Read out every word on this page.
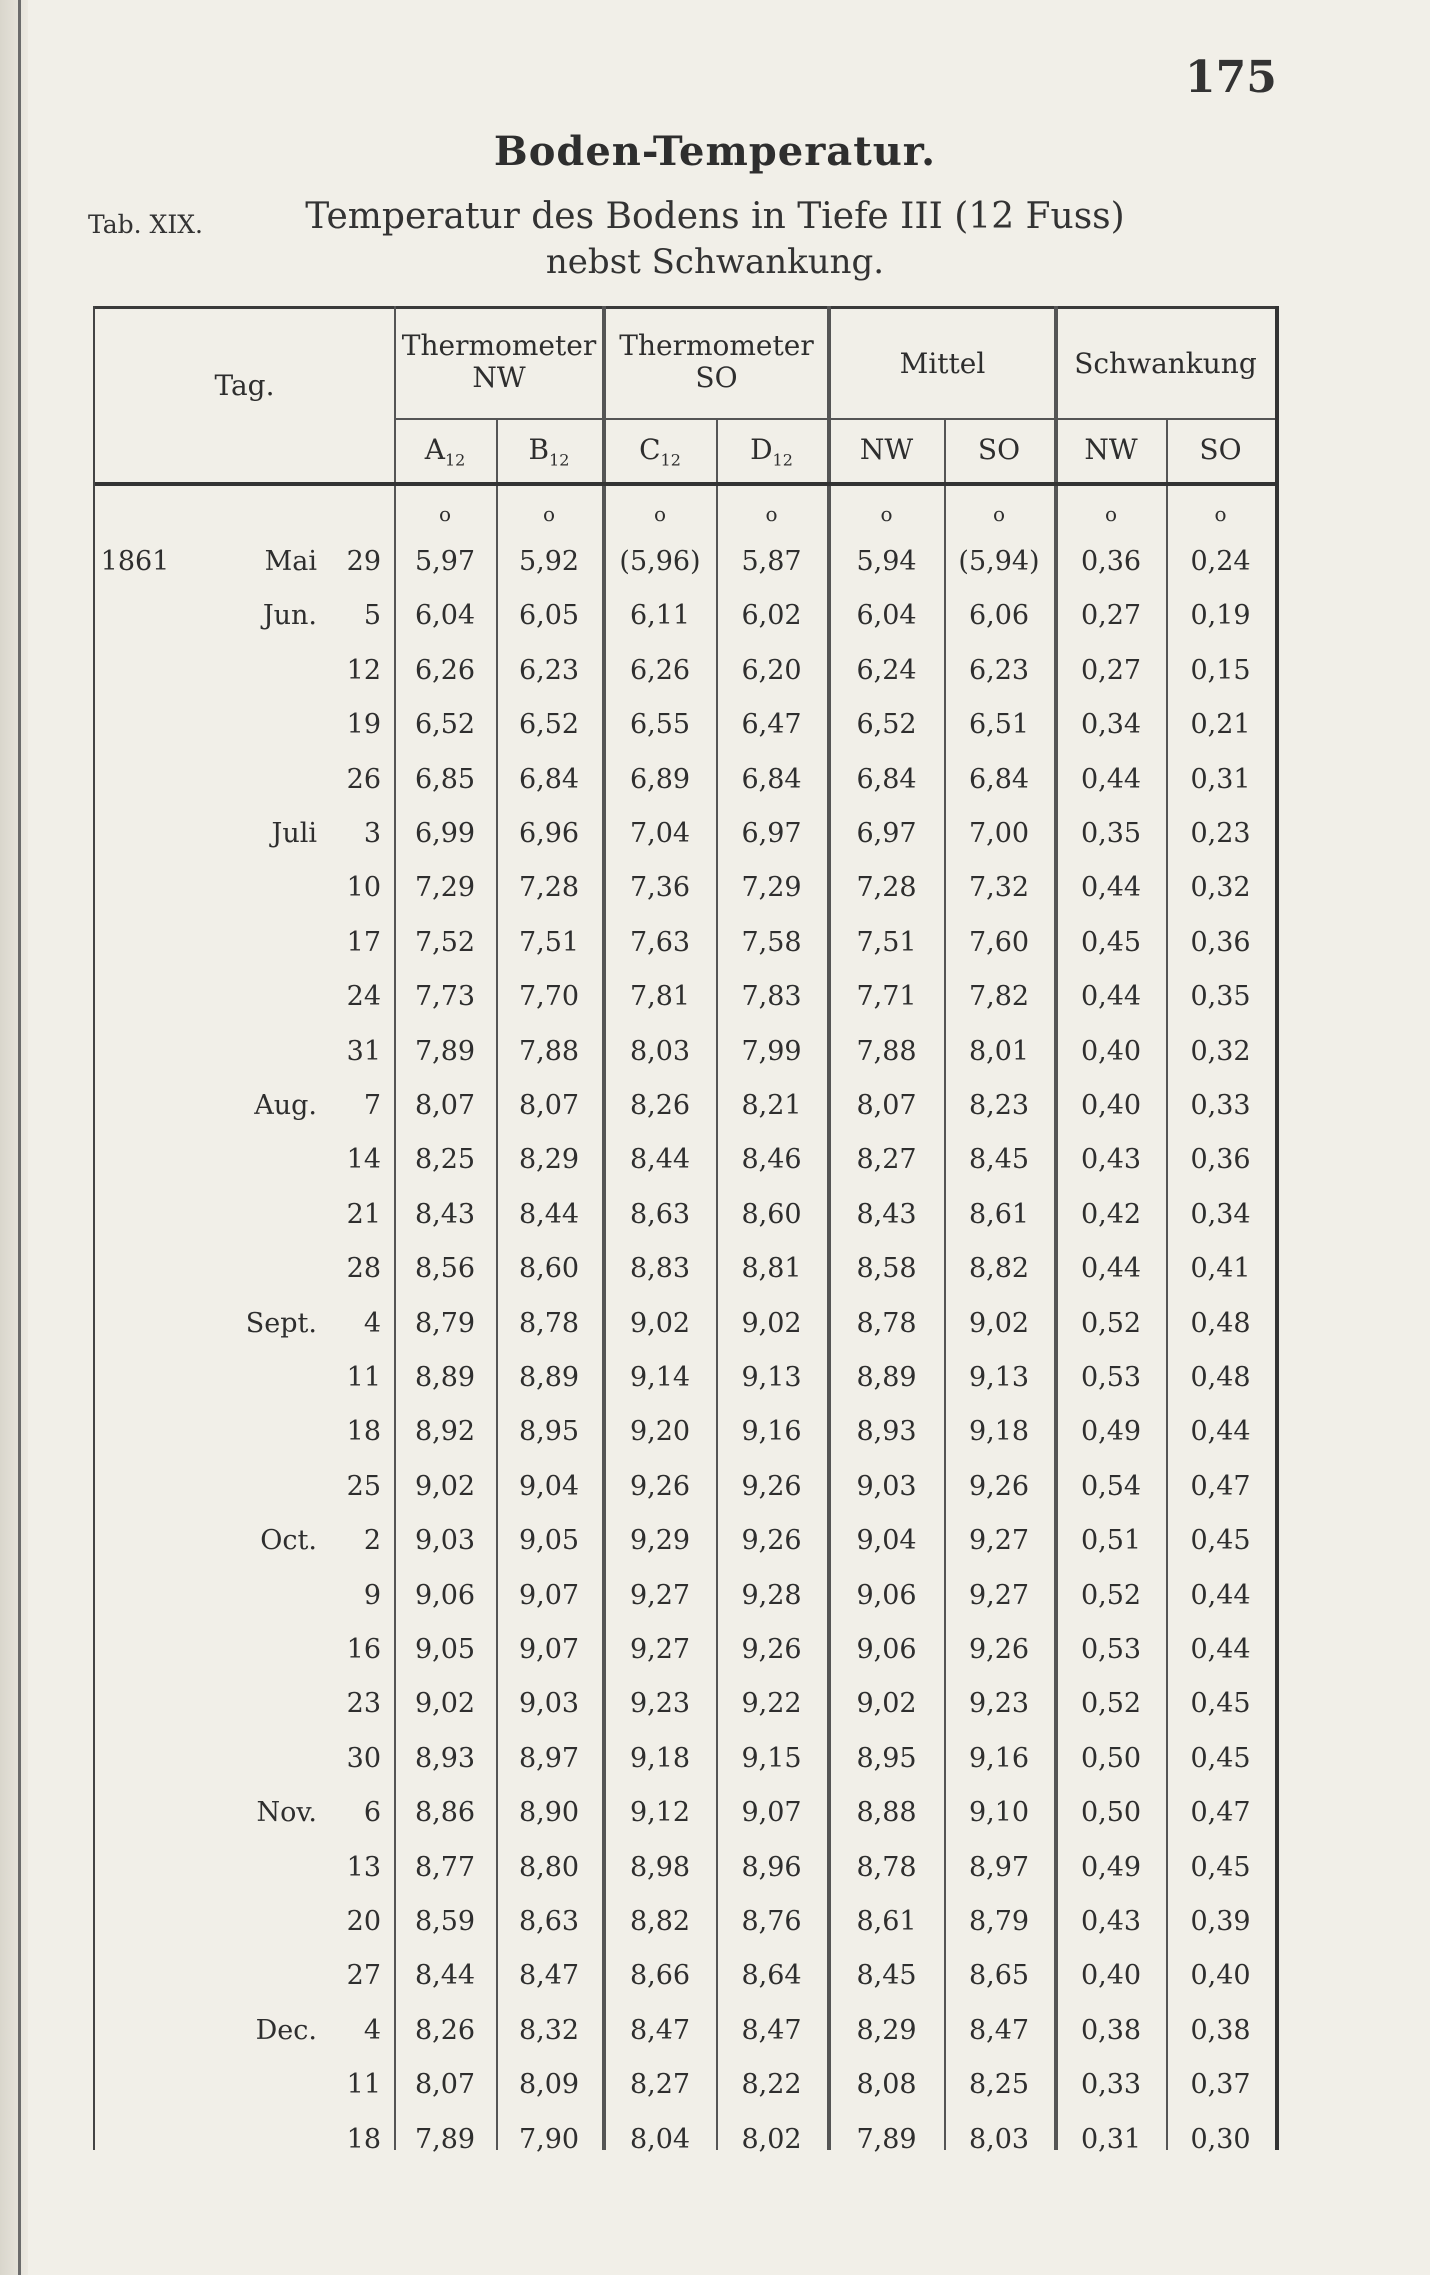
175
Boden-Temperatur.
Tab. XIX.	Temperatur des Bodens in Tiefe III (12 Fuss)
nebst Schwankung.
Tag.
Thermometer
NW
Thermometer
SO	Mittel	Schwankung
$A_{12}$	$B_{12}$	$C_{12}$	$D_{12}$	NW	SO	NW	SO
o	o	o	o	o	o	o	o
1861	Mai	29	5,97	5,92	(5,96)	5,87	5,94	(5,94)	0,36	0,24
Jun.	5	6,04	6,05	6,11	6,02	6,04	6,06	0,27	0,19
12	6,26	6,23	6,26	6,20	6,24	6,23	0,27	0,15
19	6,52	6,52	6,55	6,47	6,52	6,51	0,34	0,21
26	6,85	6,84	6,89	6,84	6,84	6,84	0,44	0,31
Juli	3	6,99	6,96	7,04	6,97	6,97	7,00	0,35	0,23
10	7,29	7,28	7,36	7,29	7,28	7,32	0,44	0,32
17	7,52	7,51	7,63	7,58	7,51	7,60	0,45	0,36
24	7,73	7,70	7,81	7,83	7,71	7,82	0,44	0,35
31	7,89	7,88	8,03	7,99	7,88	8,01	0,40	0,32
Aug.	7	8,07	8,07	8,26	8,21	8,07	8,23	0,40	0,33
14	8,25	8,29	8,44	8,46	8,27	8,45	0,43	0,36
21	8,43	8,44	8,63	8,60	8,43	8,61	0,42	0,34
28	8,56	8,60	8,83	8,81	8,58	8,82	0,44	0,41
Sept.	4	8,79	8,78	9,02	9,02	8,78	9,02	0,52	0,48
11	8,89	8,89	9,14	9,13	8,89	9,13	0,53	0,48
18	8,92	8,95	9,20	9,16	8,93	9,18	0,49	0,44
25	9,02	9,04	9,26	9,26	9,03	9,26	0,54	0,47
Oct.	2	9,03	9,05	9,29	9,26	9,04	9,27	0,51	0,45
9	9,06	9,07	9,27	9,28	9,06	9,27	0,52	0,44
16	9,05	9,07	9,27	9,26	9,06	9,26	0,53	0,44
23	9,02	9,03	9,23	9,22	9,02	9,23	0,52	0,45
30	8,93	8,97	9,18	9,15	8,95	9,16	0,50	0,45
Nov.	6	8,86	8,90	9,12	9,07	8,88	9,10	0,50	0,47
13	8,77	8,80	8,98	8,96	8,78	8,97	0,49	0,45
20	8,59	8,63	8,82	8,76	8,61	8,79	0,43	0,39
27	8,44	8,47	8,66	8,64	8,45	8,65	0,40	0,40
Dec.	4	8,26	8,32	8,47	8,47	8,29	8,47	0,38	0,38
11	8,07	8,09	8,27	8,22	8,08	8,25	0,33	0,37
18	7,89	7,90	8,04	8,02	7,89	8,03	0,31	0,30
